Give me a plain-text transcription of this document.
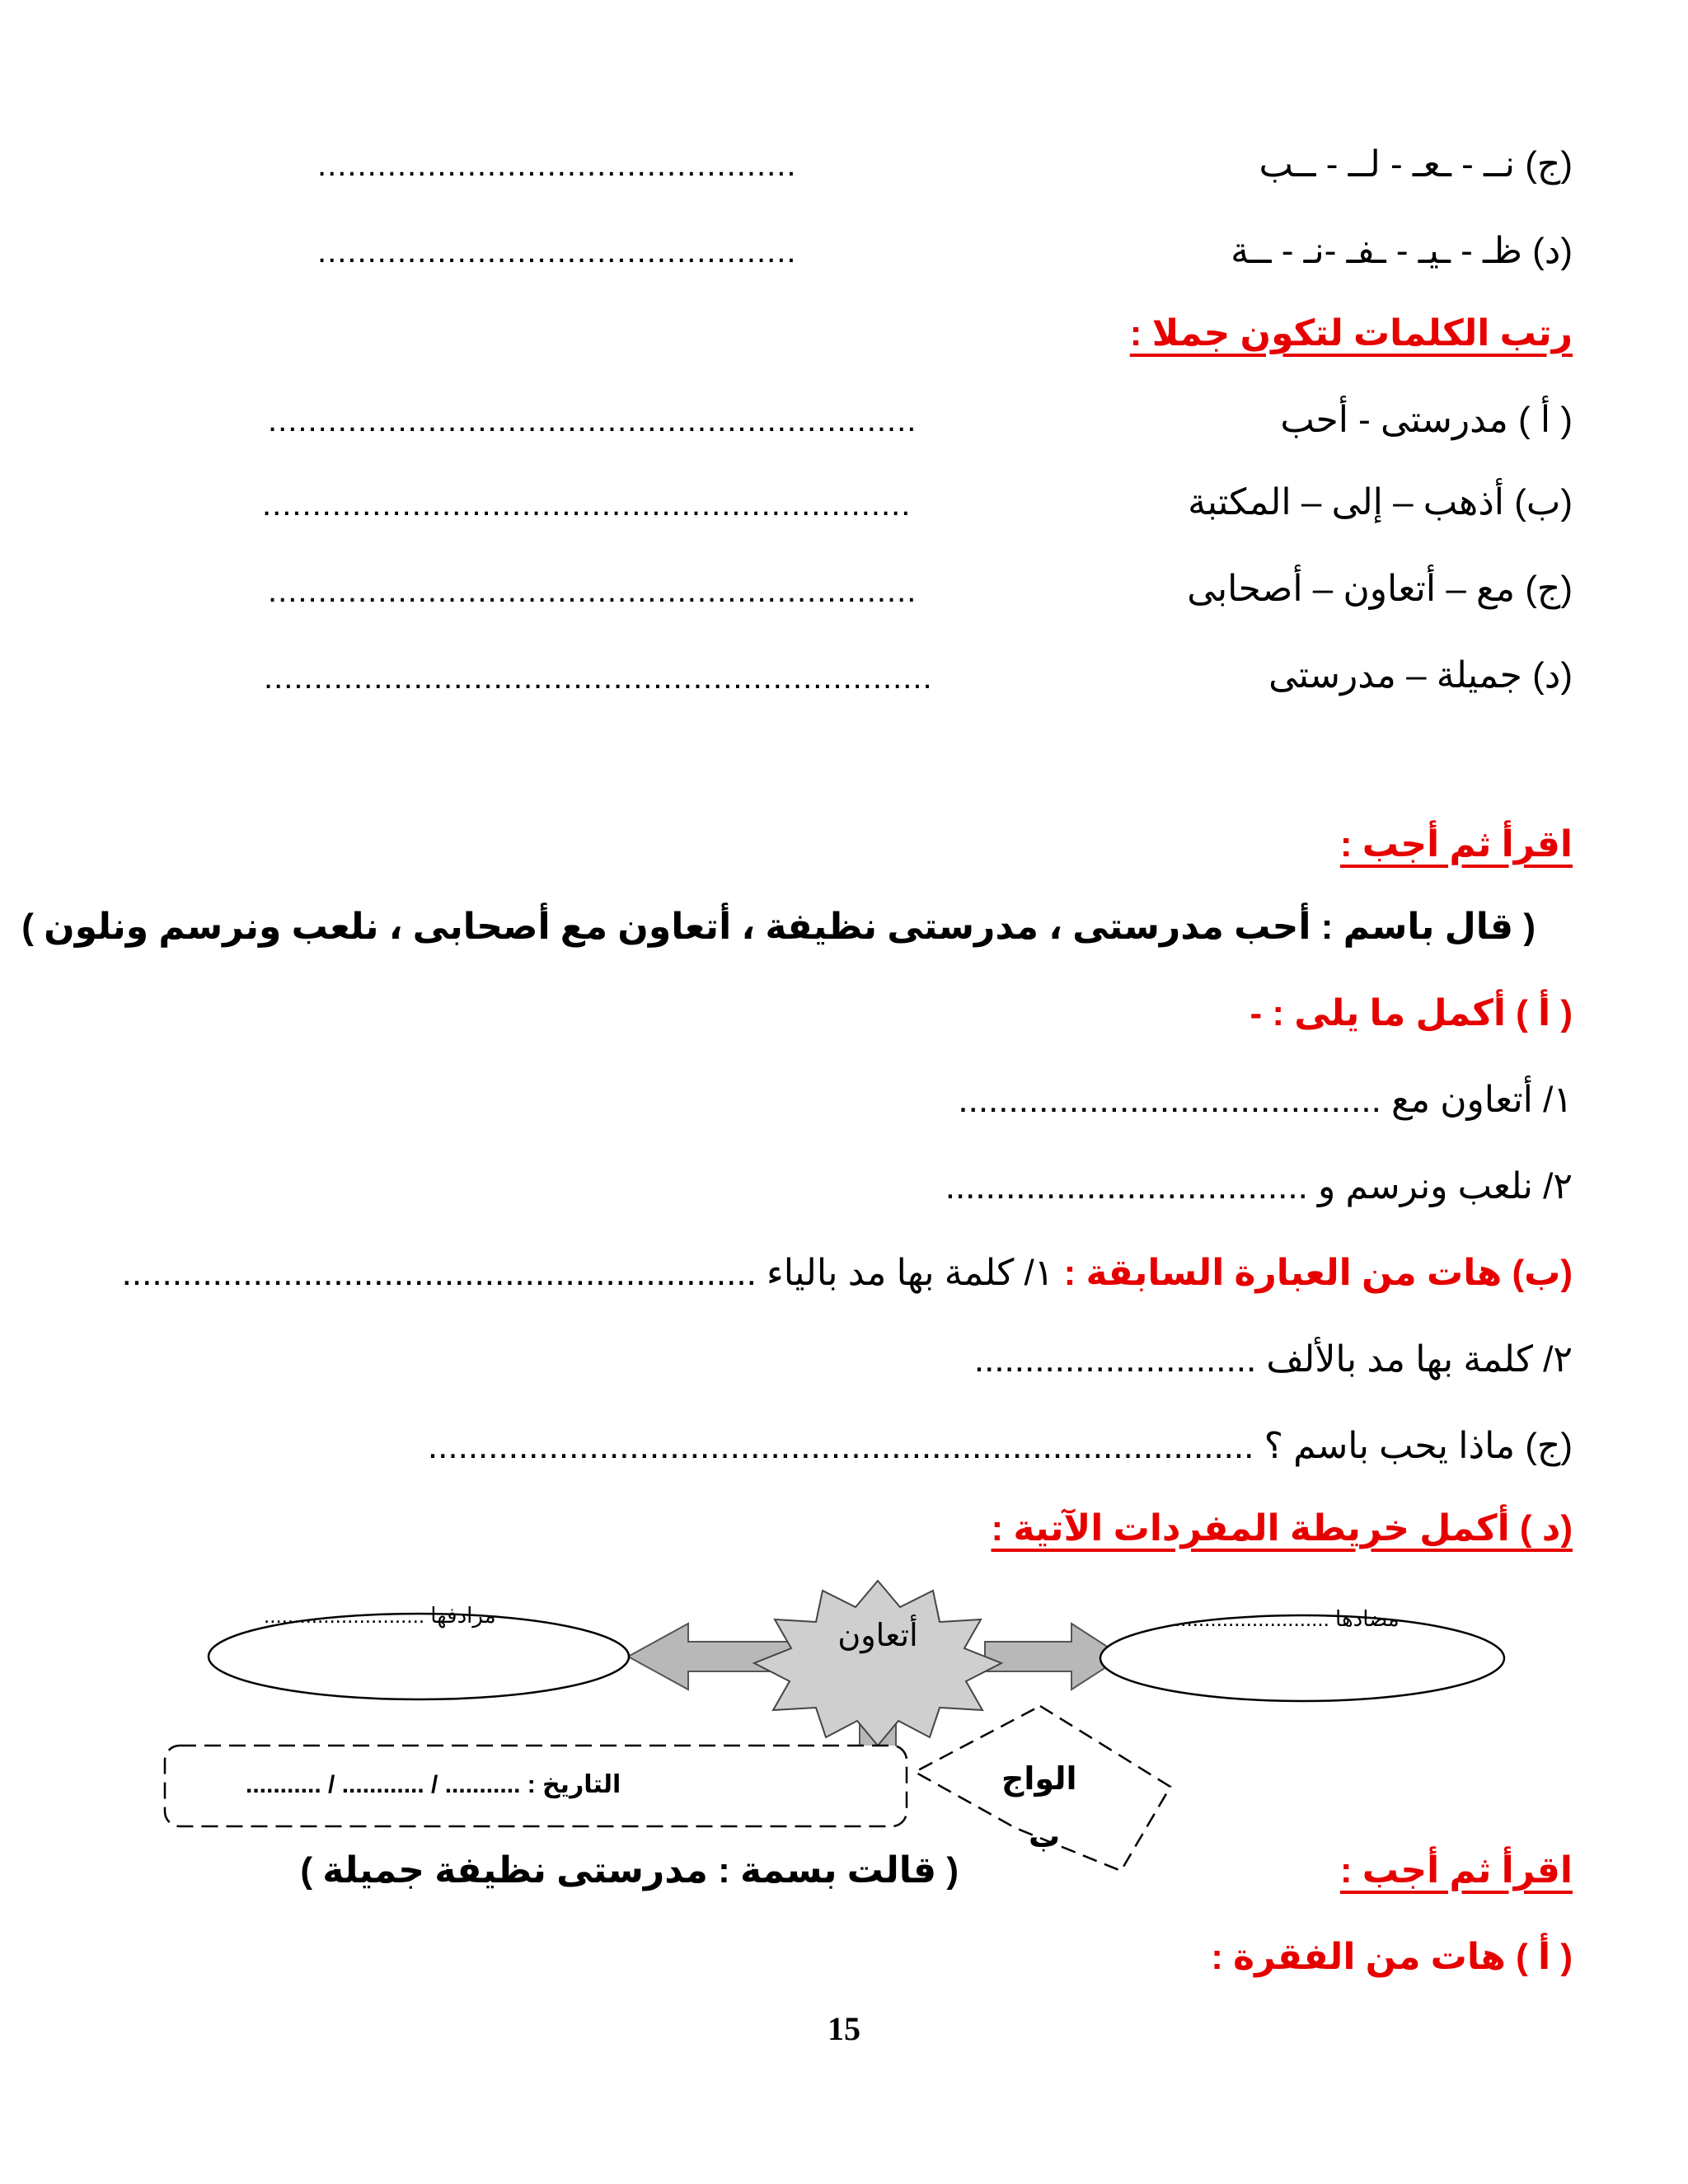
(ج) نــ - ـعـ - لــ - ــب
................................................
(د) ظـ - ـيـ - ـفـ -نـ - ــة
................................................
رتب الكلمات لتكون جملا :
( أ ) مدرستى - أحب
.................................................................
(ب) أذهب – إلى – المكتبة
.................................................................
(ج) مع – أتعاون – أصحابى
.................................................................
(د) جميلة – مدرستى
...................................................................
اقرأ ثم أجب :
( قال باسم : أحب مدرستى ، مدرستى نظيفة ، أتعاون مع أصحابى ، نلعب ونرسم ونلون )
( أ ) أكمل ما يلى : -
١/ أتعاون مع ..........................................
٢/ نلعب ونرسم و ....................................
(ب) هات من العبارة السابقة : ١/ كلمة بها مد بالياء ...............................................................
٢/ كلمة بها مد بالألف ............................
(ج) ماذا يحب باسم ؟ ..................................................................................
(د ) أكمل خريطة المفردات الآتية :
أتعاون
مرادفها ...........................	مضادها ..........................
الواج
ب
التاريخ : ........... / ............ / ...........
اقرأ ثم أجب :
( قالت بسمة : مدرستى نظيفة جميلة )
( أ ) هات من الفقرة :
15
